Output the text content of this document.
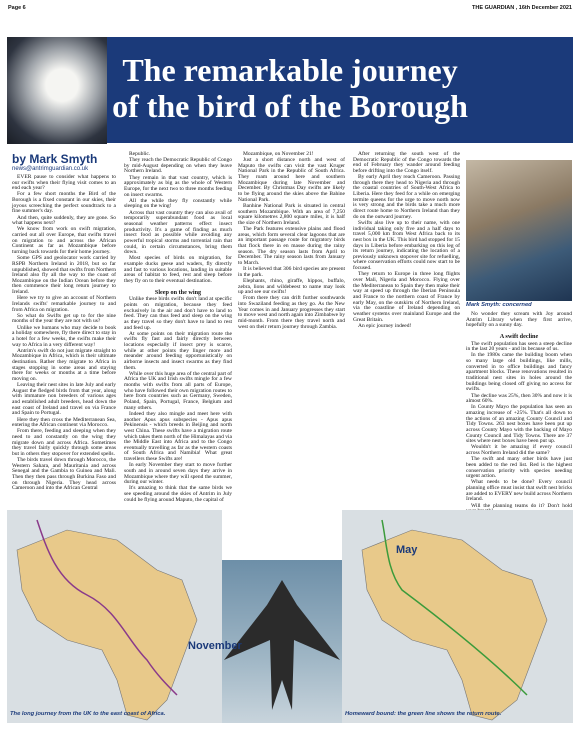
Page 6	THE GUARDIAN , 16th December 2021
The remarkable journey
of the bird of the Borough
by Mark Smyth
news@antrimguardian.co.uk

EVER pause to consider what happens to our swifts when their flying visit comes to an end each year?

For a few short months the Bird of the Borough is a fixed constant in our skies, their joyous screeching the perfect soundtrack to a fine summer's day.

And then, quite suddenly, they are gone. So what happens next?

We know from work on swift migration, carried out all over Europe, that swifts travel on migration to and across the African Continent as far as Mozambique before turning back towards for their home journey.

Some GPS and geolocator work carried by RSPB Northern Ireland in 2018, but so far unpublished, showed that swifts from Northern Ireland also fly all the way to the coast of Mozambique on the Indian Ocean before they then commence their long return journey to Ireland.

Here we try to give an account of Northern Irelands swifts' remarkable journey to and from Africa on migration.

So what do Swifts get up to for the nine months of the year they are not with us?

Unlike we humans who may decide to book a holiday somewhere, fly there direct to stay in a hotel for a few weeks, the swifts make their way to Africa in a very different way!

Antrim's swift do not just migrate straight to Mozambique in Africa, which is their ultimate destination. Rather they migrate to Africa in stages stopping in some areas and staying there for weeks or months at a time before moving on.

Leaving their nest sites in late July and early August the fledged birds from that year, along with immature non breeders of various ages and established adult breeders, head down the east coast of Ireland and travel on via France and Spain to Portugal.

Here they then cross the Mediterranean Sea, entering the African continent via Morocco.

From there, feeding and sleeping when they need to and constantly on the wing they migrate down and across Africa. Sometimes they travel fairly quickly through some areas but in others they stopover for extended spells.

The birds travel down through Morocco, the Western Sahara, and Mauritania and across Senegal and the Gambia to Guinea and Mali. Then they then pass through Burkina Faso and on through Nigeria. They head across Cameroon and into the African Central

Republic.

They reach the Democratic Republic of Congo by mid-August depending on when they leave Northern Ireland.

They remain in that vast country, which is approximately as big as the whole of Western Europe, for the next two to three months feeding on insect swarms.

All the while they fly constantly while sleeping on the wing!

Across that vast country they can also avail of temporarily superabundant food as local seasonal weather patterns effect insect productivity. It's a game of finding as much insect food as possible while avoiding any powerful tropical storms and torrential rain that could, in certain circumstances, bring them down.

Most species of birds on migration, for example ducks geese and waders, fly directly and fast to various locations, landing in suitable areas of habitat to feed, rest and sleep before they fly on to their eventual destination.

Sleep on the wing

Unlike these birds swifts don't land at specific points on migration, because they feed exclusively in the air and don't have to land to feed. They can thus feed and sleep on the wing as they travel so they don't have to land to rest and feed up.

At some points on their migration route the swifts fly fast and fairly directly between locations especially if insect prey is scarce, while at other points they linger more and meander around feeding opportunistically on airborne insects and insect swarms as they find them.

While over this huge area of the central part of Africa the UK and Irish swifts mingle for a few months with swifts from all parts of Europe, who have followed their own migration routes to here from countries such as Germany, Sweden, Poland, Spain, Portugal, France, Belgium and many others.

Indeed they also mingle and meet here with another Apus apus subspecies - Apus apus Pekinensis - which breeds in Beijing and north west China. These swifts have a migration route which takes them north of the Himalayas and via the Middle East into Africa and to the Congo eventually travelling as far as the western coasts of South Africa and Namibia! What great travellers these Swifts are!

In early November they start to move further south and in around seven days they arrive in Mozambique where they will spend the summer, during our winter.

It's amazing to think that the same birds we see speeding around the skies of Antrim in July could be flying around Maputo, the capital of

Mozambique, on November 21!

Just a short distance north and west of Maputo the swifts can visit the vast Kruger National Park in the Republic of South Africa. They roam around here and southern Mozambique during late November and December. By Christmas Day swifts are likely to be flying around the skies above the Bahine National Park.

Banhine National Park is situated in central southern Mozambique. With an area of 7,250 square kilometres 2,800 square miles, it is half the size of Northern Ireland.

The Park features extensive plains and flood areas, which form several clear lagoons that are an important passage route for migratory birds that flock there in en masse during the rainy season. The dry season lasts from April to December. The rainy season lasts from January to March.

It is believed that 306 bird species are present in the park.

Elephants, rhino, giraffe, hippos, buffalo, zebra, lions and wildebeest to name may look up and see our swifts!

From there they can drift further southwards into Swaziland feeding as they go. As the New Year comes in and January progresses they start to move west and north again into Zimbabwe by mid-month. From there they travel north and west on their return journey through Zambia.

After returning the south west of the Democratic Republic of the Congo towards the end of February they wander around feeding before drifting into the Congo itself.

By early April they reach Cameroon. Passing through there they head to Nigeria and through the coastal countries of South-West Africa to Liberia. Here they feed for a while on emerging termite queens for the urge to move north now is very strong and the birds take a much more direct route home to Northern Ireland than they do on the outward journey.

Swifts also live up to their name, with one individual taking only five and a half days to travel 5,000 km from West Africa back to its nest box in the UK. This bird had stopped for 15 days in Liberia before embarking on this leg of its return journey, indicating the location of a previously unknown stopover site for refuelling, where conservation efforts could now start to be focused.

They return to Europe in three long flights over Mali, Nigeria and Morocco. Flying over the Mediterranean to Spain they then make their way at speed up through the Iberian Peninsula and France to the northern coast of France by early May, on the outskirts of Northern Ireland, via the coastline of Ireland depending on weather systems over mainland Europe and the Great Britain.

An epic journey indeed!

Mark Smyth: concerned

No wonder they scream with Joy around Antrim Library when they first arrive, hopefully on a sunny day.

A swift decline

The swift population has seen a steep decline in the last 20 years - and its because of us.

In the 1980s came the building boom when so many large old buildings, like mills, converted in to office buildings and fancy apartment blocks. These renovations resulted in traditional nest sites in holes around the buildings being closed off giving no access for swifts.

The decline was 25%, then 30% and now it is almost 60%.

In County Mayo the population has seen an amazing increase of +25%. That's all down to the actions of an amazing County Council and Tidy Towns. 263 nest boxes have been put up across County Mayo with the backing of Mayo County Council and Tidy Towns. There are 37 sites where nest boxes have been put up.

Wouldn't it be amazing if every council across Northern Ireland did the same?

The swift and many other birds have just been added to the red list. Red is the highest conservation priority with species needing urgent action.

What needs to be done? Every council planning office must insist that swift nest bricks are added to EVERY new build across Northern Ireland.

Will the planning teams do it? Don't hold

November
May
The long journey from the UK to the east coast of Africa.	Homeward bound: the green line shows the return route.
